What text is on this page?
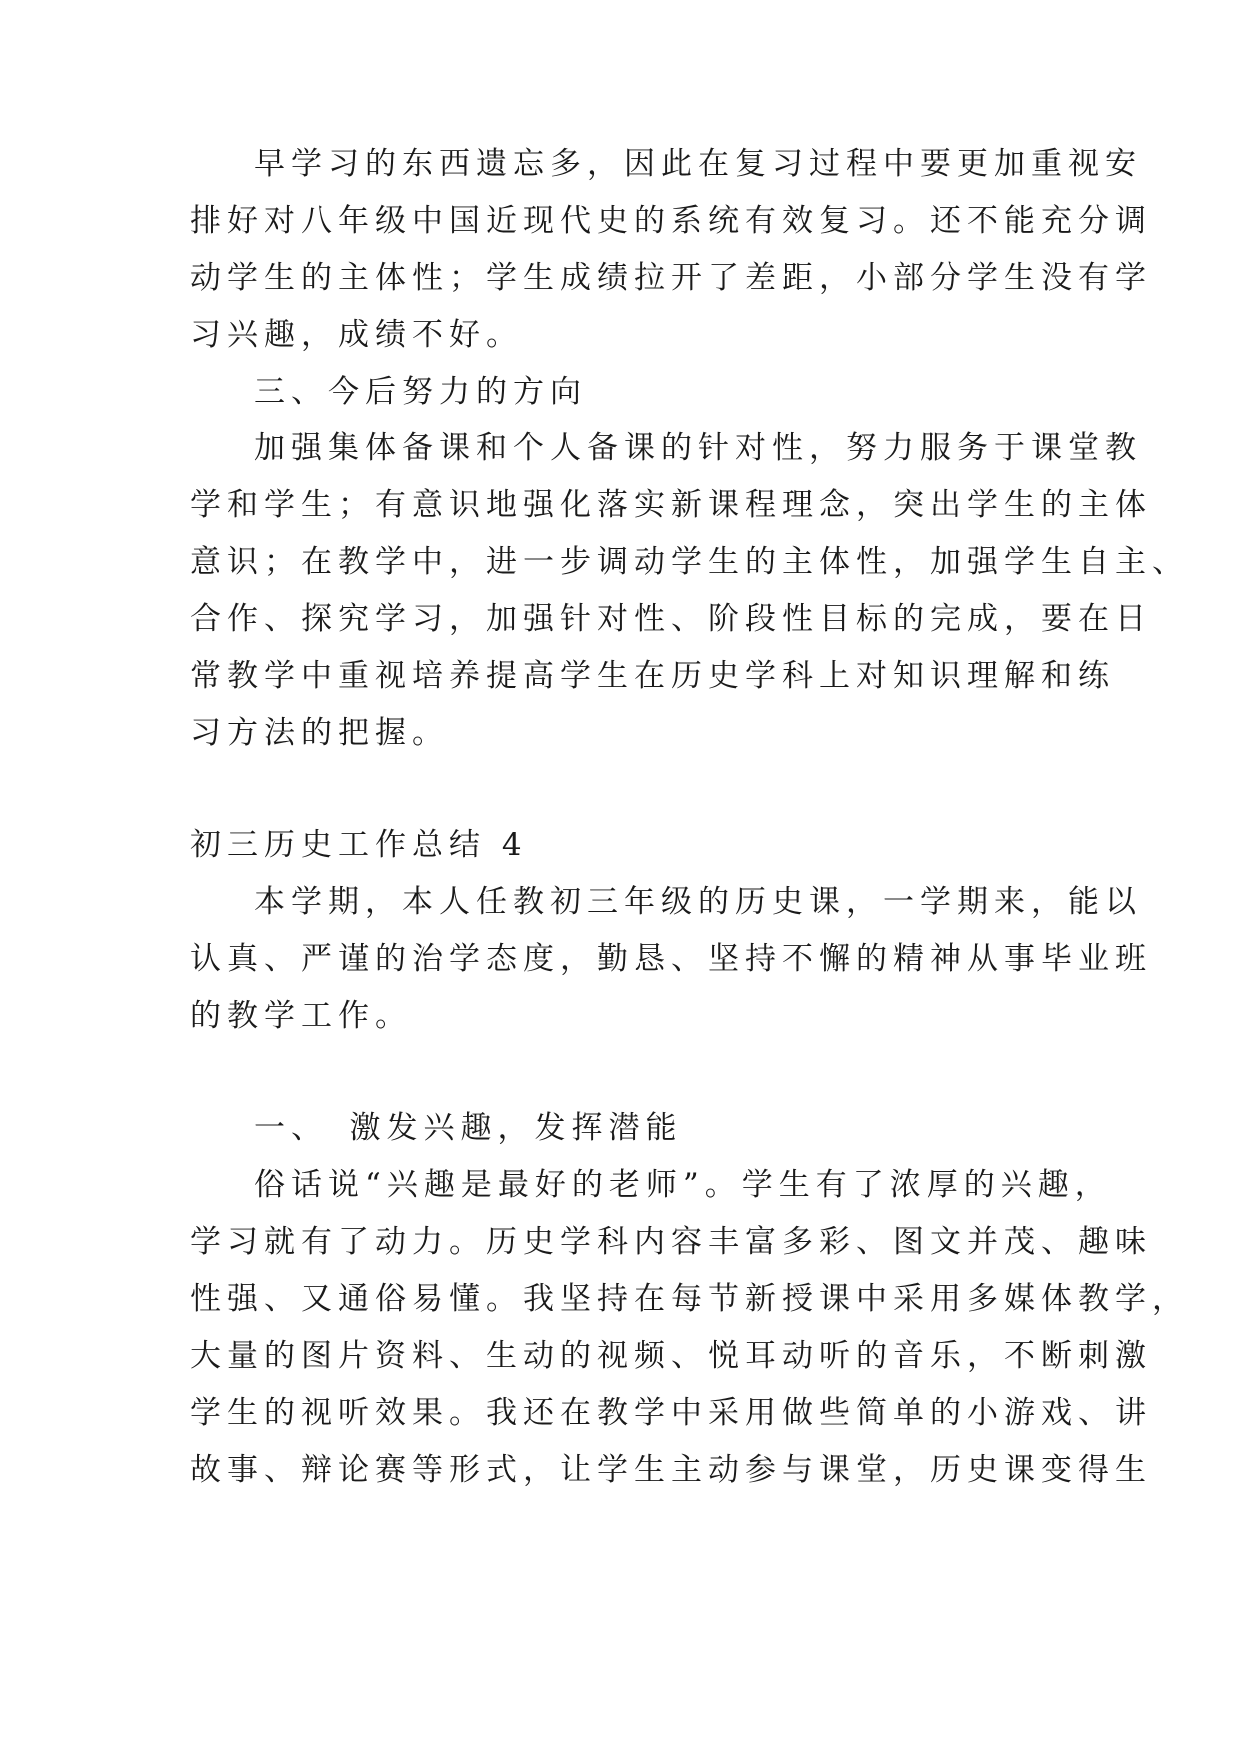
早学习的东西遗忘多，因此在复习过程中要更加重视安
排好对八年级中国近现代史的系统有效复习。还不能充分调
动学生的主体性；学生成绩拉开了差距，小部分学生没有学
习兴趣，成绩不好。
三、今后努力的方向
加强集体备课和个人备课的针对性，努力服务于课堂教
学和学生；有意识地强化落实新课程理念，突出学生的主体
意识；在教学中，进一步调动学生的主体性，加强学生自主、
合作、探究学习，加强针对性、阶段性目标的完成，要在日
常教学中重视培养提高学生在历史学科上对知识理解和练
习方法的把握。
初三历史工作总结 4
本学期，本人任教初三年级的历史课，一学期来，能以
认真、严谨的治学态度，勤恳、坚持不懈的精神从事毕业班
的教学工作。
一、　激发兴趣，发挥潜能
俗话说“兴趣是最好的老师”。学生有了浓厚的兴趣，
学习就有了动力。历史学科内容丰富多彩、图文并茂、趣味
性强、又通俗易懂。我坚持在每节新授课中采用多媒体教学，
大量的图片资料、生动的视频、悦耳动听的音乐，不断刺激
学生的视听效果。我还在教学中采用做些简单的小游戏、讲
故事、辩论赛等形式，让学生主动参与课堂，历史课变得生
